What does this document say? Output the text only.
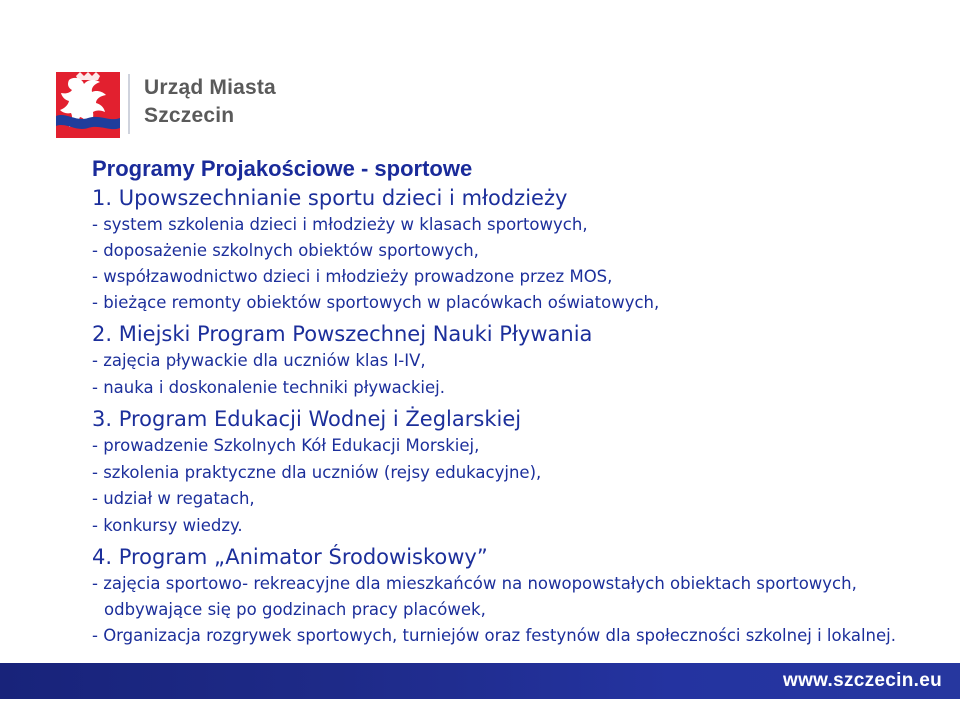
Urząd Miasta
Szczecin
Programy Projakościowe - sportowe
1. Upowszechnianie sportu dzieci i młodzieży
- system szkolenia dzieci i młodzieży w klasach sportowych,
- doposażenie szkolnych obiektów sportowych,
- współzawodnictwo dzieci i młodzieży prowadzone przez MOS,
- bieżące remonty obiektów sportowych w placówkach oświatowych,
2. Miejski Program Powszechnej Nauki Pływania
- zajęcia pływackie dla uczniów klas I-IV,
- nauka i doskonalenie techniki pływackiej.
3. Program Edukacji Wodnej i Żeglarskiej
- prowadzenie Szkolnych Kół Edukacji Morskiej,
- szkolenia praktyczne dla uczniów (rejsy edukacyjne),
- udział w regatach,
- konkursy wiedzy.
4. Program „Animator Środowiskowy”
- zajęcia sportowo- rekreacyjne dla mieszkańców na nowopowstałych obiektach sportowych, odbywające się po godzinach pracy placówek,
- Organizacja rozgrywek sportowych, turniejów oraz festynów dla społeczności szkolnej i lokalnej.
www.szczecin.eu
